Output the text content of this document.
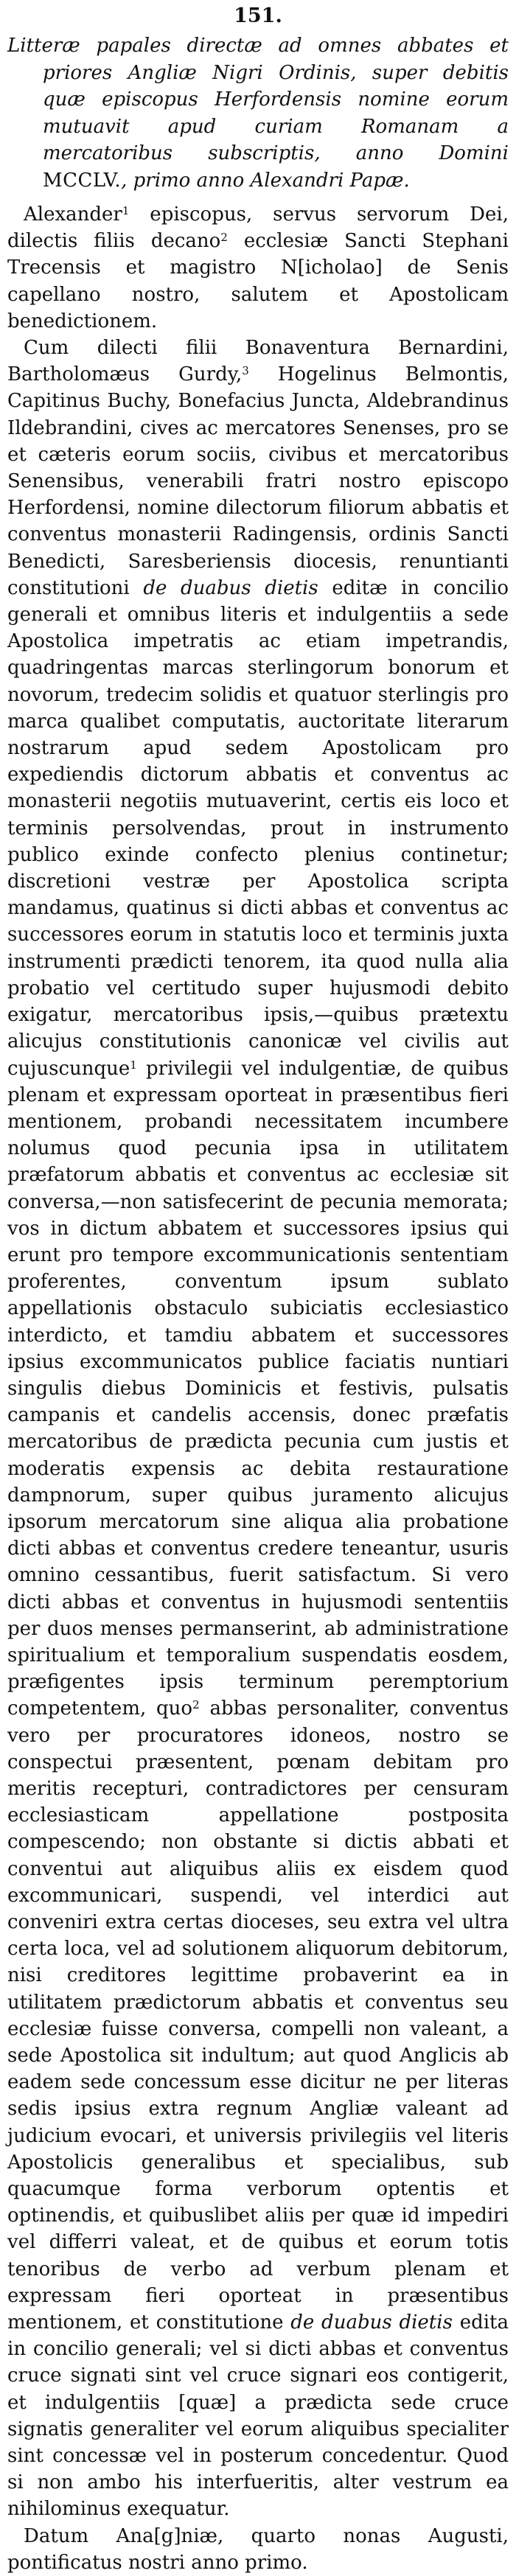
151.

Litteræ papales directæ ad omnes abbates et priores Angliæ Nigri Ordinis, super debitis quæ episcopus Herfordensis nomine eorum mutuavit apud curiam Romanam a mercatoribus subscriptis, anno Domini MCCLV., primo anno Alexandri Papæ.

Alexander$^1$ episcopus, servus servorum Dei, dilectis filiis decano$^2$ ecclesiæ Sancti Stephani Trecensis et magistro N[icholao] de Senis capellano nostro, salutem et Apostolicam benedictionem.

Cum dilecti filii Bonaventura Bernardini, Bartholomæus Gurdy,$^3$ Hogelinus Belmontis, Capitinus Buchy, Bonefacius Juncta, Aldebrandinus Ildebrandini, cives ac mercatores Senenses, pro se et cæteris eorum sociis, civibus et mercatoribus Senensibus, venerabili fratri nostro episcopo Herfordensi, nomine dilectorum filiorum abbatis et conventus monasterii Radingensis, ordinis Sancti Benedicti, Saresberiensis diocesis, renuntianti constitutioni de duabus dietis editæ in concilio generali et omnibus literis et indulgentiis a sede Apostolica impetratis ac etiam impetrandis, quadringentas marcas sterlingorum bonorum et novorum, tredecim solidis et quatuor sterlingis pro marca qualibet computatis, auctoritate literarum nostrarum apud sedem Apostolicam pro expediendis dictorum abbatis et conventus ac monasterii negotiis mutuaverint, certis eis loco et terminis persolvendas, prout in instrumento publico exinde confecto plenius continetur; discretioni vestræ per Apostolica scripta mandamus, quatinus si dicti abbas et conventus ac successores eorum in statutis loco et terminis juxta instrumenti prædicti tenorem, ita quod nulla alia probatio vel certitudo super hujusmodi debito exigatur, mercatoribus ipsis,—quibus prætextu alicujus constitutionis canonicæ vel civilis aut cujuscunque$^1$ privilegii vel indulgentiæ, de quibus plenam et expressam oporteat in præsentibus fieri mentionem, probandi necessitatem incumbere nolumus quod pecunia ipsa in utilitatem præfatorum abbatis et conventus ac ecclesiæ sit conversa,—non satisfecerint de pecunia memorata; vos in dictum abbatem et successores ipsius qui erunt pro tempore excommunicationis sententiam proferentes, conventum ipsum sublato appellationis obstaculo subiciatis ecclesiastico interdicto, et tamdiu abbatem et successores ipsius excommunicatos publice faciatis nuntiari singulis diebus Dominicis et festivis, pulsatis campanis et candelis accensis, donec præfatis mercatoribus de prædicta pecunia cum justis et moderatis expensis ac debita restauratione dampnorum, super quibus juramento alicujus ipsorum mercatorum sine aliqua alia probatione dicti abbas et conventus credere teneantur, usuris omnino cessantibus, fuerit satisfactum. Si vero dicti abbas et conventus in hujusmodi sententiis per duos menses permanserint, ab administratione spiritualium et temporalium suspendatis eosdem, præfigentes ipsis terminum peremptorium competentem, quo$^2$ abbas personaliter, conventus vero per procuratores idoneos, nostro se conspectui præsentent, pœnam debitam pro meritis recepturi, contradictores per censuram ecclesiasticam appellatione postposita compescendo; non obstante si dictis abbati et conventui aut aliquibus aliis ex eisdem quod excommunicari, suspendi, vel interdici aut conveniri extra certas dioceses, seu extra vel ultra certa loca, vel ad solutionem aliquorum debitorum, nisi creditores legittime probaverint ea in utilitatem prædictorum abbatis et conventus seu ecclesiæ fuisse conversa, compelli non valeant, a sede Apostolica sit indultum; aut quod Anglicis ab eadem sede concessum esse dicitur ne per literas sedis ipsius extra regnum Angliæ valeant ad judicium evocari, et universis privilegiis vel literis Apostolicis generalibus et specialibus, sub quacumque forma verborum optentis et optinendis, et quibuslibet aliis per quæ id impediri vel differri valeat, et de quibus et eorum totis tenoribus de verbo ad verbum plenam et expressam fieri oporteat in præsentibus mentionem, et constitutione de duabus dietis edita in concilio generali; vel si dicti abbas et conventus cruce signati sint vel cruce signari eos contigerit, et indulgentiis [quæ] a prædicta sede cruce signatis generaliter vel eorum aliquibus specialiter sint concessæ vel in posterum concedentur. Quod si non ambo his interfueritis, alter vestrum ea nihilominus exequatur.

Datum Ana[g]niæ, quarto nonas Augusti, pontificatus nostri anno primo.
